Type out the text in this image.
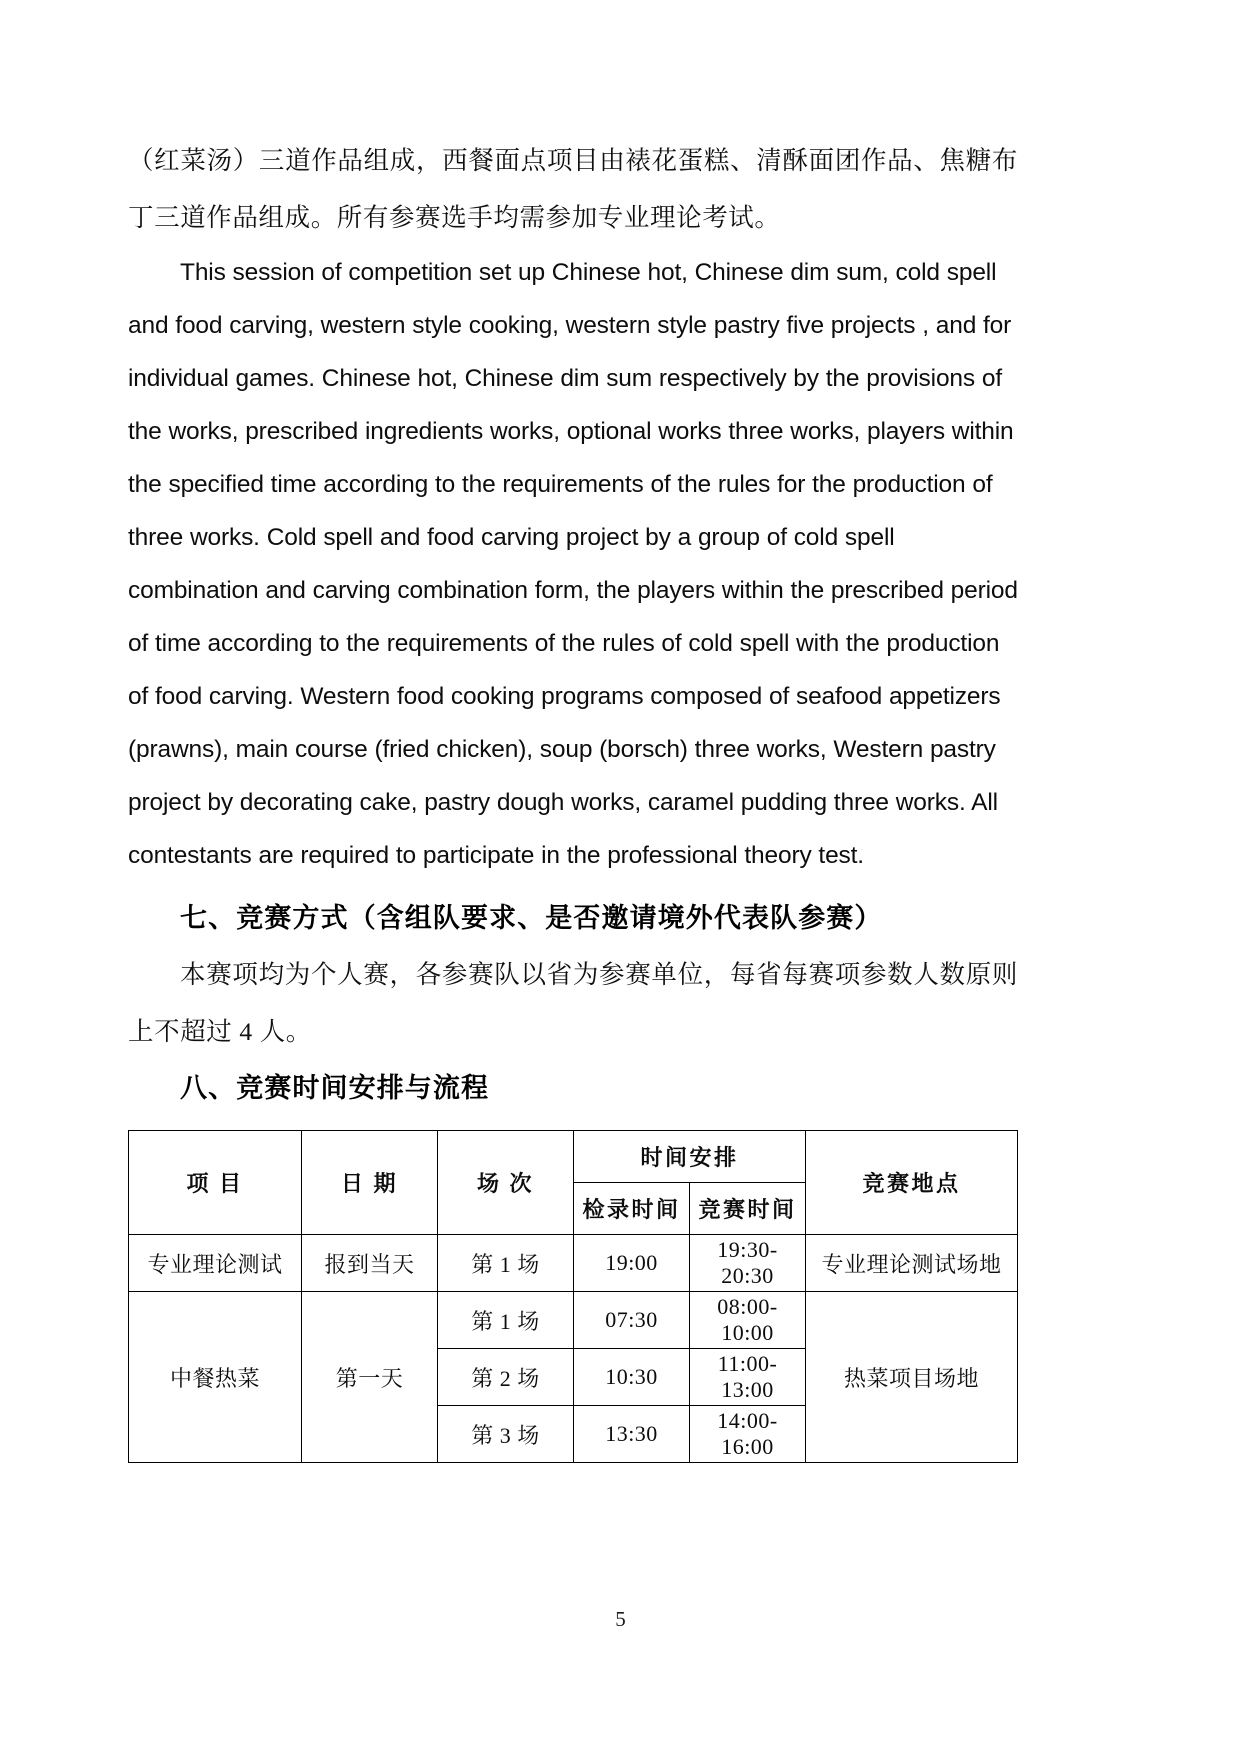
（红菜汤）三道作品组成，西餐面点项目由裱花蛋糕、清酥面团作品、焦糖布丁三道作品组成。所有参赛选手均需参加专业理论考试。

This session of competition set up Chinese hot, Chinese dim sum, cold spell and food carving, western style cooking, western style pastry five projects , and for individual games. Chinese hot, Chinese dim sum respectively by the provisions of the works, prescribed ingredients works, optional works three works, players within the specified time according to the requirements of the rules for the production of three works. Cold spell and food carving project by a group of cold spell combination and carving combination form, the players within the prescribed period of time according to the requirements of the rules of cold spell with the production of food carving. Western food cooking programs composed of seafood appetizers (prawns), main course (fried chicken), soup (borsch) three works, Western pastry project by decorating cake, pastry dough works, caramel pudding three works. All contestants are required to participate in the professional theory test.

七、竞赛方式（含组队要求、是否邀请境外代表队参赛）

本赛项均为个人赛，各参赛队以省为参赛单位，每省每赛项参数人数原则上不超过 4 人。

八、竞赛时间安排与流程
项 目	日 期	场 次	时间安排		竞赛地点
			检录时间	竞赛时间	
专业理论测试	报到当天	第 1 场	19:00	19:30-20:30	专业理论测试场地
中餐热菜	第一天	第 1 场	07:30	08:00-10:00	热菜项目场地
		第 2 场	10:30	11:00-13:00	
		第 3 场	13:30	14:00-16:00	
5
